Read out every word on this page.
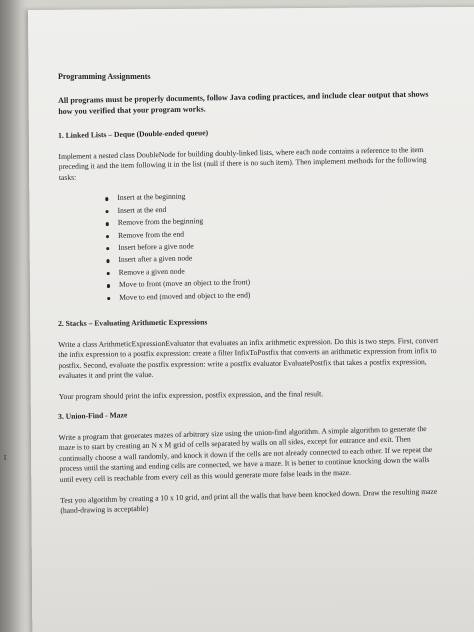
t

Programming Assignments

All programs must be properly documents, follow Java coding practices, and include clear output that shows how you verified that your program works.

1. Linked Lists – Deque (Double-ended queue)

Implement a nested class DoubleNode for building doubly-linked lists, where each node contains a reference to the item preceding it and the item following it in the list (null if there is no such item). Then implement methods for the following tasks:

Insert at the beginning
Insert at the end
Remove from the beginning
Remove from the end
Insert before a give node
Insert after a given node
Remove a given node
Move to front (move an object to the front)
Move to end (moved and object to the end)

2. Stacks – Evaluating Arithmetic Expressions

Write a class ArithmeticExpressionEvaluator that evaluates an infix arithmetic expression. Do this is two steps. First, convert the infix expression to a postfix expression: create a filter InfixToPostfix that converts an arithmetic expression from infix to postfix. Second, evaluate the postfix expression: write a postfix evaluator EvaluatePostfix that takes a postfix expression, evaluates it and print the value.

Your program should print the infix expression, postfix expression, and the final result.

3. Union-Find - Maze

Write a program that generates mazes of arbitrary size using the union-find algorithm. A simple algorithm to generate the maze is to start by creating an N x M grid of cells separated by walls on all sides, except for entrance and exit. Then continually choose a wall randomly, and knock it down if the cells are not already connected to each other. If we repeat the process until the starting and ending cells are connected, we have a maze. It is better to continue knocking down the walls until every cell is reachable from every cell as this would generate more false leads in the maze.

Test you algorithm by creating a 10 x 10 grid, and print all the walls that have been knocked down. Draw the resulting maze (hand-drawing is acceptable)
